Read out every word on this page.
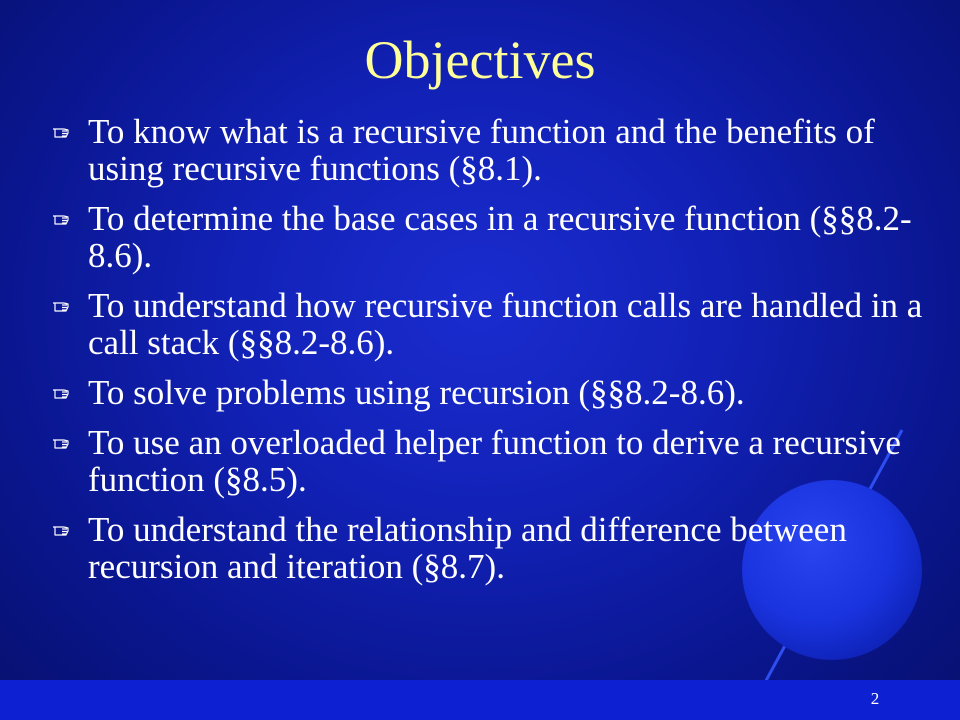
Objectives
To know what is a recursive function and the benefits of using recursive functions (§8.1).
To determine the base cases in a recursive function (§§8.2-8.6).
To understand how recursive function calls are handled in a call stack (§§8.2-8.6).
To solve problems using recursion (§§8.2-8.6).
To use an overloaded helper function to derive a recursive function (§8.5).
To understand the relationship and difference between recursion and iteration (§8.7).
2
